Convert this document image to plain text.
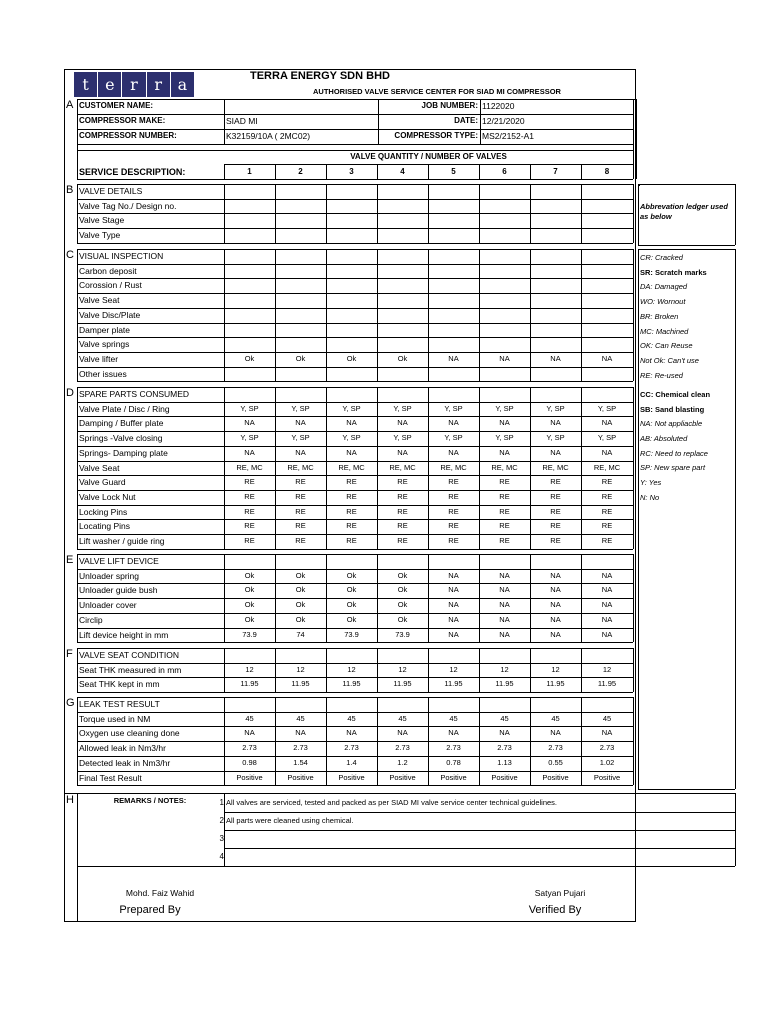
t	e r	r a	TERRA ENERGY SDN BHD
AUTHORISED VALVE SERVICE CENTER FOR SIAD MI COMPRESSOR
A CUSTOMER NAME:	JOB NUMBER: 1122020
COMPRESSOR MAKE:	SIAD MI	DATE: 12/21/2020
COMPRESSOR NUMBER:	K32159/10A ( 2MC02)	COMPRESSOR TYPE: MS2/2152-A1
VALVE QUANTITY / NUMBER OF VALVES
SERVICE DESCRIPTION:	1	2	3	4	5	6	7	8
B VALVE DETAILS
Valve Tag No./ Design no.
Valve Stage
Valve Type
C VISUAL INSPECTION
Carbon deposit
Corossion / Rust
Valve Seat
Valve Disc/Plate
Damper plate
Valve springs
Valve lifter	Ok	Ok	Ok	Ok	NA	NA	NA	NA
Other issues
D SPARE PARTS CONSUMED
Valve Plate / Disc / Ring	Y, SP	Y, SP	Y, SP	Y, SP	Y, SP	Y, SP	Y, SP	Y, SP
Damping / Buffer plate	NA	NA	NA	NA	NA	NA	NA	NA
Springs -Valve closing	Y, SP	Y, SP	Y, SP	Y, SP	Y, SP	Y, SP	Y, SP	Y, SP
Springs- Damping plate	NA	NA	NA	NA	NA	NA	NA	NA
Valve Seat	RE, MC	RE, MC	RE, MC	RE, MC	RE, MC	RE, MC	RE, MC	RE, MC
Valve Guard	RE	RE	RE	RE	RE	RE	RE	RE
Valve Lock Nut	RE	RE	RE	RE	RE	RE	RE	RE
Locking Pins	RE	RE	RE	RE	RE	RE	RE	RE
Locating Pins	RE	RE	RE	RE	RE	RE	RE	RE
Lift washer / guide ring	RE	RE	RE	RE	RE	RE	RE	RE
E VALVE LIFT DEVICE
Unloader spring	Ok	Ok	Ok	Ok	NA	NA	NA	NA
Unloader guide bush	Ok	Ok	Ok	Ok	NA	NA	NA	NA
Unloader cover	Ok	Ok	Ok	Ok	NA	NA	NA	NA
Circlip	Ok	Ok	Ok	Ok	NA	NA	NA	NA
Lift device height in mm	73.9	74	73.9	73.9	NA	NA	NA	NA
F VALVE SEAT CONDITION
Seat THK measured in mm	12	12	12	12	12	12	12	12
Seat THK kept in mm	11.95	11.95	11.95	11.95	11.95	11.95	11.95	11.95
G LEAK TEST RESULT
Torque used in NM	45	45	45	45	45	45	45	45
Oxygen use cleaning done	NA	NA	NA	NA	NA	NA	NA	NA
Allowed leak in Nm3/hr	2.73	2.73	2.73	2.73	2.73	2.73	2.73	2.73
Detected leak in Nm3/hr	0.98	1.54	1.4	1.2	0.78	1.13	0.55	1.02
Final Test Result	Positive	Positive	Positive	Positive	Positive	Positive	Positive	Positive
Abbrevation ledger used as below
CR: Cracked
SR: Scratch marks
DA: Damaged
WO: Wornout
BR: Broken
MC: Machined
OK: Can Reuse
Not Ok: Can't use
RE: Re-used
CC: Chemical clean
SB: Sand blasting
NA: Not appliacble
AB: Absoluted
RC: Need to replace
SP: New spare part
Y: Yes
N: No
H	REMARKS / NOTES:	1 All valves are serviced, tested and packed as per SIAD MI valve service center technical guidelines.
2 All parts were cleaned using chemical.
3
4
Mohd. Faiz Wahid
Prepared By
Satyan Pujari
Verified By
